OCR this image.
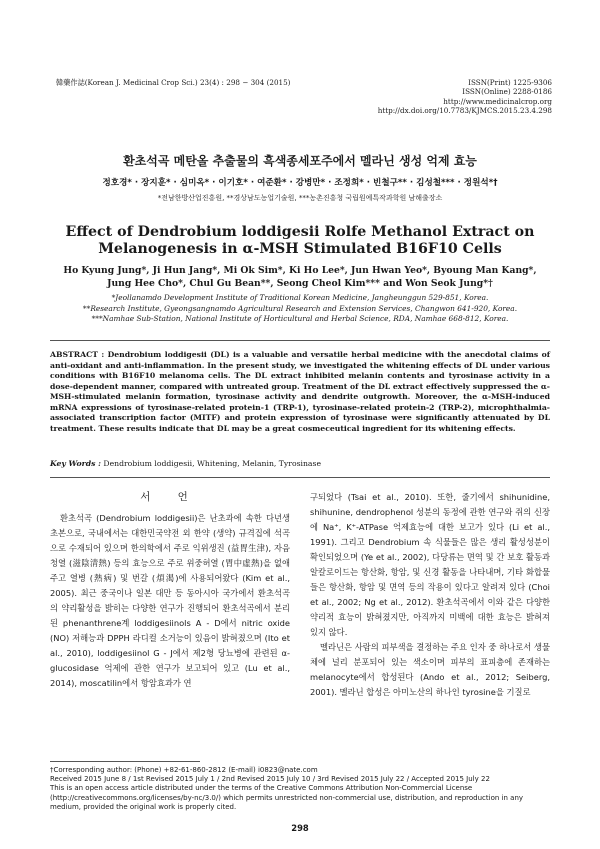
韓藥作誌(Korean J. Medicinal Crop Sci.) 23(4) : 298 − 304 (2015)	ISSN(Print) 1225-9306
ISSN(Online) 2288-0186
http://www.medicinalcrop.org
http://dx.doi.org/10.7783/KJMCS.2015.23.4.298
환초석곡 메탄올 추출물의 흑색종세포주에서 멜라닌 생성 억제 효능
정호경* · 장지훈* · 심미옥* · 이기호* · 여준환* · 강병만* · 조정희* · 빈철구** · 김성철*** · 정원석*†
*전남한방산업진흥원, **경상남도농업기술원, ***농촌진흥청 국립원예특작과학원 남해출장소
Effect of Dendrobium loddigesii Rolfe Methanol Extract on
Melanogenesis in α-MSH Stimulated B16F10 Cells
Ho Kyung Jung*, Ji Hun Jang*, Mi Ok Sim*, Ki Ho Lee*, Jun Hwan Yeo*, Byoung Man Kang*,
Jung Hee Cho*, Chul Gu Bean**, Seong Cheol Kim*** and Won Seok Jung*†
*Jeollanamdo Development Institute of Traditional Korean Medicine, Jangheunggun 529-851, Korea.
**Research Institute, Gyeongsangnamdo Agricultural Research and Extension Services, Changwon 641-920, Korea.
***Namhae Sub-Station, National Institute of Horticultural and Herbal Science, RDA, Namhae 668-812, Korea.
ABSTRACT : Dendrobium loddigesii (DL) is a valuable and versatile herbal medicine with the anecdotal claims of anti-oxidant and anti-inflammation. In the present study, we investigated the whitening effects of DL under various conditions with B16F10 melanoma cells. The DL extract inhibited melanin contents and tyrosinase activity in a dose-dependent manner, compared with untreated group. Treatment of the DL extract effectively suppressed the α-MSH-stimulated melanin formation, tyrosinase activity and dendrite outgrowth. Moreover, the α-MSH-induced mRNA expressions of tyrosinase-related protein-1 (TRP-1), tyrosinase-related protein-2 (TRP-2), microphthalmia-associated transcription factor (MITF) and protein expression of tyrosinase were significantly attenuated by DL treatment. These results indicate that DL may be a great cosmeceutical ingredient for its whitening effects.
Key Words : Dendrobium loddigesii, Whitening, Melanin, Tyrosinase
서 언

환초석곡 (Dendrobium loddigesii)은 난초과에 속한 다년생 초본으로, 국내에서는 대한민국약전 외 한약 (생약) 규격집에 석곡으로 수재되어 있으며 한의학에서 주로 익위생진 (益胃生津), 자음청열 (滋陰淸熱) 등의 효능으로 주로 위중허열 (胃中虛熱)을 없애주고 열병 (熱病) 및 번갈 (煩渴)에 사용되어왔다 (Kim et al., 2005). 최근 중국이나 일본 대만 등 동아시아 국가에서 환초석곡의 약리활성을 밝히는 다양한 연구가 진행되어 환초석곡에서 분리된 phenanthrene계 loddigesiinols A - D에서 nitric oxide (NO) 저해능과 DPPH 라디컬 소거능이 있음이 밝혀졌으며 (Ito et al., 2010), loddigesiinol G - J에서 제2형 당뇨병에 관련된 α-glucosidase 억제에 관한 연구가 보고되어 있고 (Lu et al., 2014), moscatilin에서 항암효과가 연

구되었다 (Tsai et al., 2010). 또한, 줄기에서 shihunidine, shihunine, dendrophenol 성분의 동정에 관한 연구와 쥐의 신장에 Na⁺, K⁺-ATPase 억제효능에 대한 보고가 있다 (Li et al., 1991). 그리고 Dendrobium 속 식물들은 많은 생리 활성성분이 확인되었으며 (Ye et al., 2002), 다당류는 면역 및 간 보호 활동과 알칼로이드는 항산화, 항암, 및 신경 활동을 나타내며, 기타 화합물들은 항산화, 항암 및 면역 등의 작용이 있다고 알려져 있다 (Choi et al., 2002; Ng et al., 2012). 환초석곡에서 이와 같은 다양한 약리적 효능이 밝혀졌지만, 아직까지 미백에 대한 효능은 밝혀져 있지 않다.

멜라닌은 사람의 피부색을 결정하는 주요 인자 중 하나로서 생물체에 널리 분포되어 있는 색소이며 피부의 표피층에 존재하는 melanocyte에서 합성된다 (Ando et al., 2012; Seiberg, 2001). 멜라닌 합성은 아미노산의 하나인 tyrosine을 기질로

†Corresponding author: (Phone) +82-61-860-2812 (E-mail) i0823@nate.com
Received 2015 June 8 / 1st Revised 2015 July 1 / 2nd Revised 2015 July 10 / 3rd Revised 2015 July 22 / Accepted 2015 July 22
This is an open access article distributed under the terms of the Creative Commons Attribution Non-Commercial License (http://creativecommons.org/licenses/by-nc/3.0/) which permits unrestricted non-commercial use, distribution, and reproduction in any medium, provided the original work is properly cited.
298
